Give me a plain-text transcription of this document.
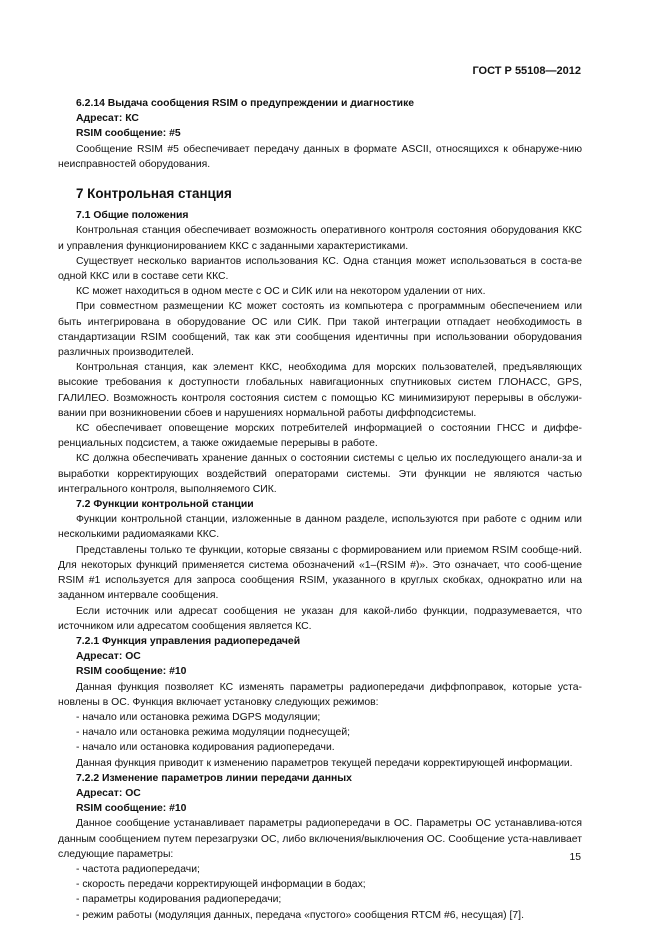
ГОСТ Р 55108—2012

6.2.14 Выдача сообщения RSIM о предупреждении и диагностике

Адресат: КС

RSIM сообщение: #5

Сообщение RSIM #5 обеспечивает передачу данных в формате ASCII, относящихся к обнаруже-нию неисправностей оборудования.

7 Контрольная станция

7.1 Общие положения

Контрольная станция обеспечивает возможность оперативного контроля состояния оборудования ККС и управления функционированием ККС с заданными характеристиками.

Существует несколько вариантов использования КС. Одна станция может использоваться в соста-ве одной ККС или в составе сети ККС.

КС может находиться в одном месте с ОС и СИК или на некотором удалении от них.

При совместном размещении КС может состоять из компьютера с программным обеспечением или быть интегрирована в оборудование ОС или СИК. При такой интеграции отпадает необходимость в стандартизации RSIM сообщений, так как эти сообщения идентичны при использовании оборудования различных производителей.

Контрольная станция, как элемент ККС, необходима для морских пользователей, предъявляющих высокие требования к доступности глобальных навигационных спутниковых систем ГЛОНАСС, GPS, ГАЛИЛЕО. Возможность контроля состояния систем с помощью КС минимизируют перерывы в обслужи-вании при возникновении сбоев и нарушениях нормальной работы диффподсистемы.

КС обеспечивает оповещение морских потребителей информацией о состоянии ГНСС и диффе-ренциальных подсистем, а также ожидаемые перерывы в работе.

КС должна обеспечивать хранение данных о состоянии системы с целью их последующего анали-за и выработки корректирующих воздействий операторами системы. Эти функции не являются частью интегрального контроля, выполняемого СИК.

7.2 Функции контрольной станции

Функции контрольной станции, изложенные в данном разделе, используются при работе с одним или несколькими радиомаяками ККС.

Представлены только те функции, которые связаны с формированием или приемом RSIM сообще-ний. Для некоторых функций применяется система обозначений «1–(RSIM #)». Это означает, что сооб-щение RSIM #1 используется для запроса сообщения RSIM, указанного в круглых скобках, однократно или на заданном интервале сообщения.

Если источник или адресат сообщения не указан для какой-либо функции, подразумевается, что источником или адресатом сообщения является КС.

7.2.1 Функция управления радиопередачей

Адресат: ОС

RSIM сообщение: #10

Данная функция позволяет КС изменять параметры радиопередачи диффпоправок, которые уста-новлены в ОС. Функция включает установку следующих режимов:

- начало или остановка режима DGPS модуляции;

- начало или остановка режима модуляции поднесущей;

- начало или остановка кодирования радиопередачи.

Данная функция приводит к изменению параметров текущей передачи корректирующей информации.

7.2.2 Изменение параметров линии передачи данных

Адресат: ОС

RSIM сообщение: #10

Данное сообщение устанавливает параметры радиопередачи в ОС. Параметры ОС устанавлива-ются данным сообщением путем перезагрузки ОС, либо включения/выключения ОС. Сообщение уста-навливает следующие параметры:

- частота радиопередачи;

- скорость передачи корректирующей информации в бодах;

- параметры кодирования радиопередачи;

- режим работы (модуляция данных, передача «пустого» сообщения RTCM #6, несущая) [7].

15
